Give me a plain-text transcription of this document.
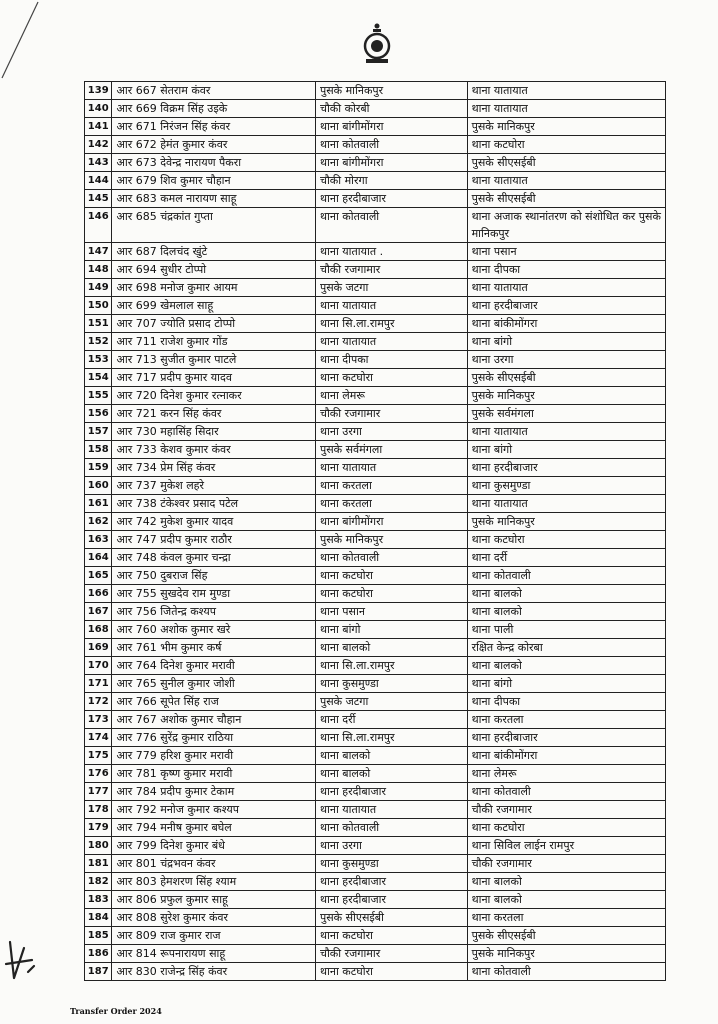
139	आर 667 सेतराम कंवर	पुसके मानिकपुर	थाना यातायात
140	आर 669 विक्रम सिंह उइके	चौकी कोरबी	थाना यातायात
141	आर 671 निरंजन सिंह कंवर	थाना बांगीमोंगरा	पुसके मानिकपुर
142	आर 672 हेमंत कुमार कंवर	थाना कोतवाली	थाना कटघोरा
143	आर 673 देवेन्द्र नारायण पैकरा	थाना बांगीमोंगरा	पुसके सीएसईबी
144	आर 679 शिव कुमार चौहान	चौकी मोरगा	थाना यातायात
145	आर 683 कमल नारायण साहू	थाना हरदीबाजार	पुसके सीएसईबी
146	आर 685 चंद्रकांत गुप्ता	थाना कोतवाली	थाना अजाक स्थानांतरण को संशोधित कर पुसके मानिकपुर
147	आर 687 दिलचंद खुंटे	थाना यातायात .	थाना पसान
148	आर 694 सुधीर टोप्पो	चौकी रजगामार	थाना दीपका
149	आर 698 मनोज कुमार आयम	पुसके जटगा	थाना यातायात
150	आर 699 खेमलाल साहू	थाना यातायात	थाना हरदीबाजार
151	आर 707 ज्योति प्रसाद टोप्पो	थाना सि.ला.रामपुर	थाना बांकीमोंगरा
152	आर 711 राजेश कुमार गोंड	थाना यातायात	थाना बांगो
153	आर 713 सुजीत कुमार पाटले	थाना दीपका	थाना उरगा
154	आर 717 प्रदीप कुमार यादव	थाना कटघोरा	पुसके सीएसईबी
155	आर 720 दिनेश कुमार रत्नाकर	थाना लेमरू	पुसके मानिकपुर
156	आर 721 करन सिंह कंवर	चौकी रजगामार	पुसके सर्वमंगला
157	आर 730 महासिंह सिदार	थाना उरगा	थाना यातायात
158	आर 733 केशव कुमार कंवर	पुसके सर्वमंगला	थाना बांगो
159	आर 734 प्रेम सिंह कंवर	थाना यातायात	थाना हरदीबाजार
160	आर 737 मुकेश लहरे	थाना करतला	थाना कुसमुण्डा
161	आर 738 टंकेश्वर प्रसाद पटेल	थाना करतला	थाना यातायात
162	आर 742 मुकेश कुमार यादव	थाना बांगीमोंगरा	पुसके मानिकपुर
163	आर 747 प्रदीप कुमार राठौर	पुसके मानिकपुर	थाना कटघोरा
164	आर 748 कंवल कुमार चन्द्रा	थाना कोतवाली	थाना दर्री
165	आर 750 दुबराज सिंह	थाना कटघोरा	थाना कोतवाली
166	आर 755 सुखदेव राम मुण्डा	थाना कटघोरा	थाना बालको
167	आर 756 जितेन्द्र कश्यप	थाना पसान	थाना बालको
168	आर 760 अशोक कुमार खरे	थाना बांगो	थाना पाली
169	आर 761 भीम कुमार कर्ष	थाना बालको	रक्षित केन्द्र कोरबा
170	आर 764 दिनेश कुमार मरावी	थाना सि.ला.रामपुर	थाना बालको
171	आर 765 सुनील कुमार जोशी	थाना कुसमुण्डा	थाना बांगो
172	आर 766 सूपेत सिंह राज	पुसके जटगा	थाना दीपका
173	आर 767 अशोक कुमार चौहान	थाना दर्री	थाना करतला
174	आर 776 सुरेंद्र कुमार राठिया	थाना सि.ला.रामपुर	थाना हरदीबाजार
175	आर 779 हरिश कुमार मरावी	थाना बालको	थाना बांकीमोंगरा
176	आर 781 कृष्ण कुमार मरावी	थाना बालको	थाना लेमरू
177	आर 784 प्रदीप कुमार टेकाम	थाना हरदीबाजार	थाना कोतवाली
178	आर 792 मनोज कुमार कश्यप	थाना यातायात	चौकी रजगामार
179	आर 794 मनीष कुमार बघेल	थाना कोतवाली	थाना कटघोरा
180	आर 799 दिनेश कुमार बंधे	थाना उरगा	थाना सिविल लाईन रामपुर
181	आर 801 चंद्रभवन कंवर	थाना कुसमुण्डा	चौकी रजगामार
182	आर 803 हेमशरण सिंह श्याम	थाना हरदीबाजार	थाना बालको
183	आर 806 प्रफुल कुमार साहू	थाना हरदीबाजार	थाना बालको
184	आर 808 सुरेश कुमार कंवर	पुसके सीएसईबी	थाना करतला
185	आर 809 राज कुमार राज	थाना कटघोरा	पुसके सीएसईबी
186	आर 814 रूपनारायण साहू	चौकी रजगामार	पुसके मानिकपुर
187	आर 830 राजेन्द्र सिंह कंवर	थाना कटघोरा	थाना कोतवाली
Transfer Order 2024
